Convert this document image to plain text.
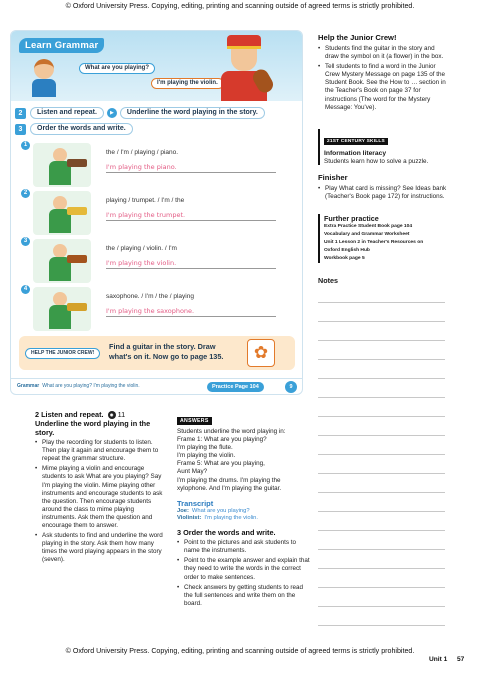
© Oxford University Press. Copying, editing, printing and scanning outside of agreed terms is strictly prohibited.
Learn Grammar
What are you playing?
I'm playing the violin.
2	Listen and repeat.	▶	Underline the word playing in the story.
3	Order the words and write.
1
the / I'm / playing / piano.
I'm playing the piano.
2
playing / trumpet. / I'm / the
I'm playing the trumpet.
3
the / playing / violin. / I'm
I'm playing the violin.
4
saxophone. / I'm / the / playing
I'm playing the saxophone.
HELP THE JUNIOR CREW!
Find a guitar in the story. Draw what's on it. Now go to page 135.	✿
Grammar What are you playing? I'm playing the violin.	Practice Page 104	9
Help the Junior Crew!
• Students find the guitar in the story and draw the symbol on it (a flower) in the box.
• Tell students to find a word in the Junior Crew Mystery Message on page 135 of the Student Book. See the How to … section in the Teacher's Book on page 37 for instructions (The word for the Mystery Message: You've).
21ST CENTURY SKILLS
Information literacy
Students learn how to solve a puzzle.
Finisher
• Play What card is missing? See Ideas bank (Teacher's Book page 172) for instructions.
Further practice
Extra Practice Student Book page 104
Vocabulary and Grammar Worksheet
Unit 1 Lesson 2 in Teacher's Resources on
Oxford English Hub
Workbook page 5
Notes
2 Listen and repeat. ◉ 11
Underline the word playing in the story.
• Play the recording for students to listen. Then play it again and encourage them to repeat the grammar structure.
• Mime playing a violin and encourage students to ask What are you playing? Say I'm playing the violin. Mime playing other instruments and encourage students to ask the question. Then encourage students around the class to mime playing instruments. Ask them the question and encourage them to answer.
• Ask students to find and underline the word playing in the story. Ask them how many times the word playing appears in the story (seven).
ANSWERS
Students underline the word playing in:
Frame 1: What are you playing?
I'm playing the flute.
I'm playing the violin.
Frame 5: What are you playing,
Aunt May?
I'm playing the drums. I'm playing the
xylophone. And I'm playing the guitar.
Transcript
Joe: What are you playing?
Violinist: I'm playing the violin.
3 Order the words and write.
• Point to the pictures and ask students to name the instruments.
• Point to the example answer and explain that they need to write the words in the correct order to make sentences.
• Check answers by getting students to read the full sentences and write them on the board.
© Oxford University Press. Copying, editing, printing and scanning outside of agreed terms is strictly prohibited.
Unit 1 57
